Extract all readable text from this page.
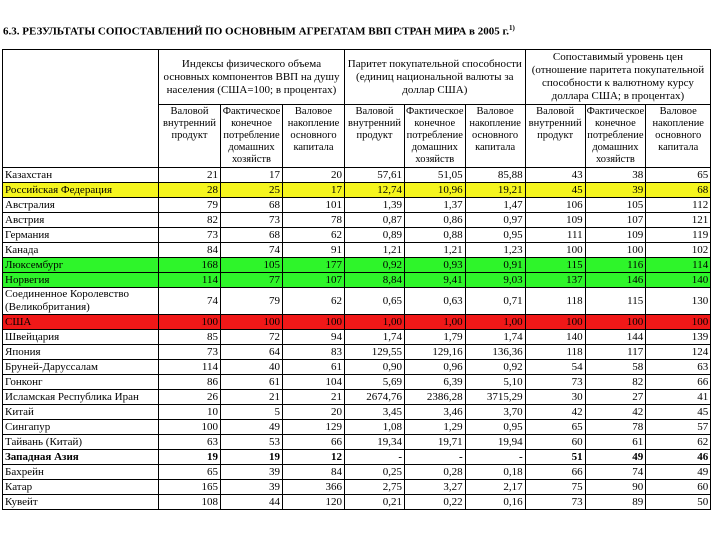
6.3. РЕЗУЛЬТАТЫ СОПОСТАВЛЕНИЙ ПО ОСНОВНЫМ АГРЕГАТАМ ВВП СТРАН МИРА в 2005 г.$^{1)}$
	Индексы физического объема основных компонентов ВВП на душу населения (США=100; в процентах)			Паритет покупательной способности (единиц национальной валюты за доллар США)			Сопоставимый уровень цен (отношение паритета покупательной способности к валютному курсу доллара США; в процентах)		
	Валовой внутренний продукт	Фактическое конечное потребление домашних хозяйств	Валовое накопление основного капитала	Валовой внутренний продукт	Фактическое конечное потребление домашних хозяйств	Валовое накопление основного капитала	Валовой внутренний продукт	Фактическое конечное потребление домашних хозяйств	Валовое накопление основного капитала
Казахстан	21	17	20	57,61	51,05	85,88	43	38	65
Российская Федерация	28	25	17	12,74	10,96	19,21	45	39	68
Австралия	79	68	101	1,39	1,37	1,47	106	105	112
Австрия	82	73	78	0,87	0,86	0,97	109	107	121
Германия	73	68	62	0,89	0,88	0,95	111	109	119
Канада	84	74	91	1,21	1,21	1,23	100	100	102
Люксембург	168	105	177	0,92	0,93	0,91	115	116	114
Норвегия	114	77	107	8,84	9,41	9,03	137	146	140
Соединенное Королевство (Великобритания)	74	79	62	0,65	0,63	0,71	118	115	130
США	100	100	100	1,00	1,00	1,00	100	100	100
Швейцария	85	72	94	1,74	1,79	1,74	140	144	139
Япония	73	64	83	129,55	129,16	136,36	118	117	124
Бруней-Даруссалам	114	40	61	0,90	0,96	0,92	54	58	63
Гонконг	86	61	104	5,69	6,39	5,10	73	82	66
Исламская Республика Иран	26	21	21	2674,76	2386,28	3715,29	30	27	41
Китай	10	5	20	3,45	3,46	3,70	42	42	45
Сингапур	100	49	129	1,08	1,29	0,95	65	78	57
Тайвань (Китай)	63	53	66	19,34	19,71	19,94	60	61	62
Западная Азия	19	19	12	-	-	-	51	49	46
Бахрейн	65	39	84	0,25	0,28	0,18	66	74	49
Катар	165	39	366	2,75	3,27	2,17	75	90	60
Кувейт	108	44	120	0,21	0,22	0,16	73	89	50
